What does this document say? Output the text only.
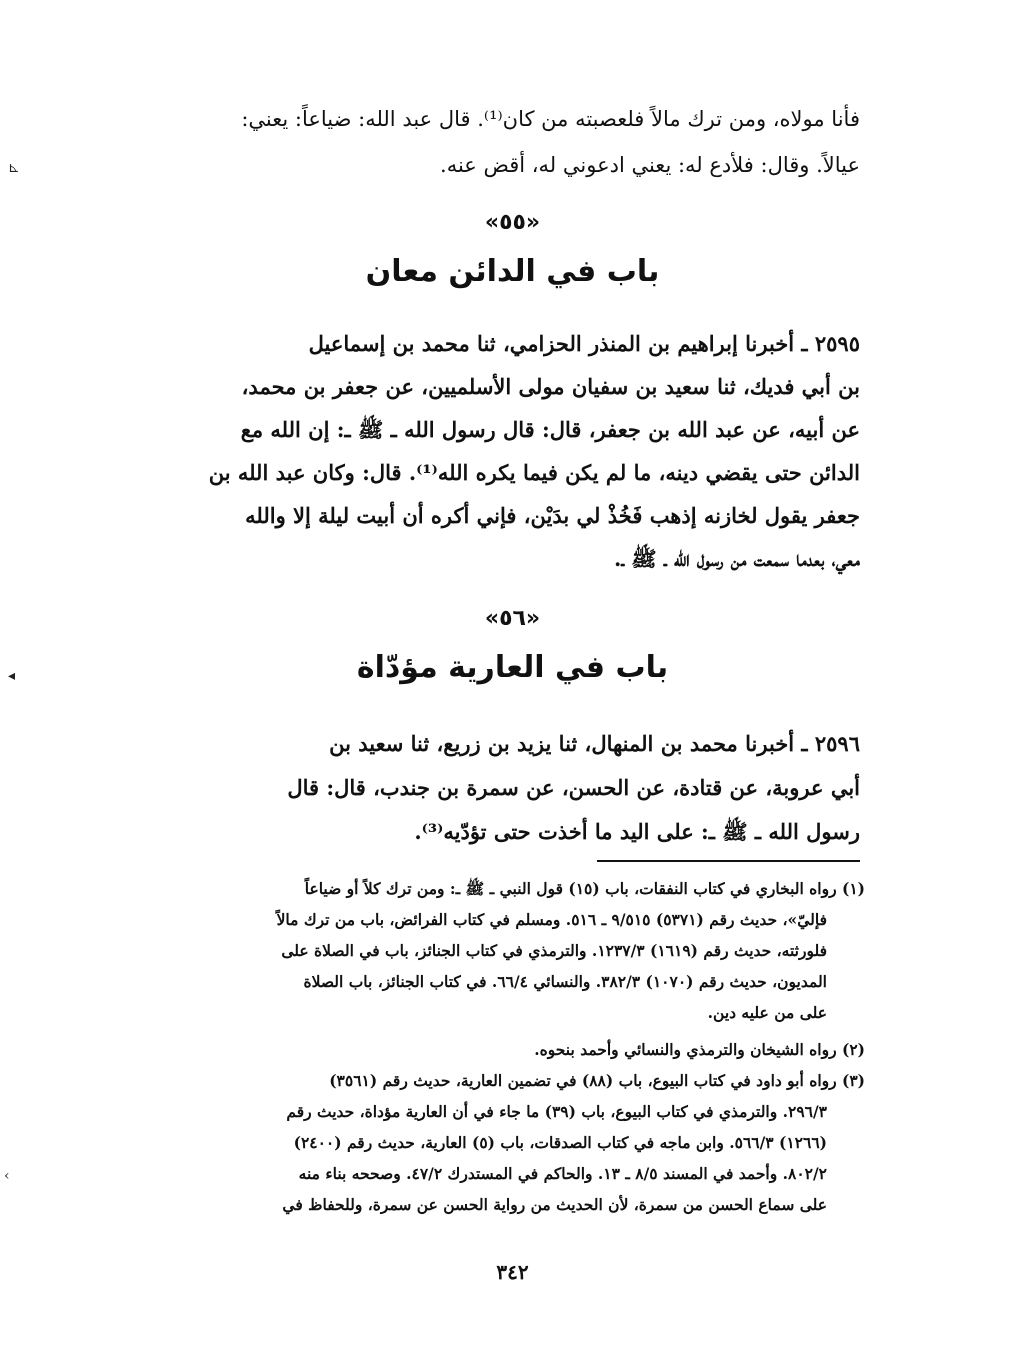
فأنا مولاه، ومن ترك مالاً فلعصبته من كان⁽¹⁾. قال عبد الله: ضياعاً: يعني:
عيالاً. وقال: فلأدع له: يعني ادعوني له، أقض عنه.
«٥٥»
باب في الدائن معان
٢٥٩٥ ـ أخبرنا إبراهيم بن المنذر الحزامي، ثنا محمد بن إسماعيل
بن أبي فديك، ثنا سعيد بن سفيان مولى الأسلميين، عن جعفر بن محمد،
عن أبيه، عن عبد الله بن جعفر، قال: قال رسول الله ـ ﷺ ـ: إن الله مع
الدائن حتى يقضي دينه، ما لم يكن فيما يكره الله⁽¹⁾. قال: وكان عبد الله بن
جعفر يقول لخازنه إذهب فَخُذْ لي بدَيْن، فإني أكره أن أبيت ليلة إلا والله
معي، بعدما سمعت من رسول الله ـ ﷺ ـ.
«٥٦»
باب في العارية مؤدّاة
٢٥٩٦ ـ أخبرنا محمد بن المنهال، ثنا يزيد بن زريع، ثنا سعيد بن
أبي عروبة، عن قتادة، عن الحسن، عن سمرة بن جندب، قال: قال
رسول الله ـ ﷺ ـ: على اليد ما أخذت حتى تؤدّيه⁽³⁾.
(١) رواه البخاري في كتاب النفقات، باب (١٥) قول النبي ـ ﷺ ـ: ومن ترك كلاً أو ضياعاً
فإليّ»، حديث رقم (٥٣٧١) ٩/٥١٥ ـ ٥١٦. ومسلم في كتاب الفرائض، باب من ترك مالاً
فلورثته، حديث رقم (١٦١٩) ١٢٣٧/٣. والترمذي في كتاب الجنائز، باب في الصلاة على
المديون، حديث رقم (١٠٧٠) ٣٨٢/٣. والنسائي ٦٦/٤. في كتاب الجنائز، باب الصلاة
على من عليه دين.
(٢) رواه الشيخان والترمذي والنسائي وأحمد بنحوه.
(٣) رواه أبو داود في كتاب البيوع، باب (٨٨) في تضمين العارية، حديث رقم (٣٥٦١)
٢٩٦/٣. والترمذي في كتاب البيوع، باب (٣٩) ما جاء في أن العارية مؤداة، حديث رقم
(١٢٦٦) ٥٦٦/٣. وابن ماجه في كتاب الصدقات، باب (٥) العارية، حديث رقم (٢٤٠٠)
٨٠٢/٢. وأحمد في المسند ٨/٥ ـ ١٣. والحاكم في المستدرك ٤٧/٢. وصححه بناء منه
على سماع الحسن من سمرة، لأن الحديث من رواية الحسن عن سمرة، وللحفاظ في
٣٤٢
⊾
◂
‹
